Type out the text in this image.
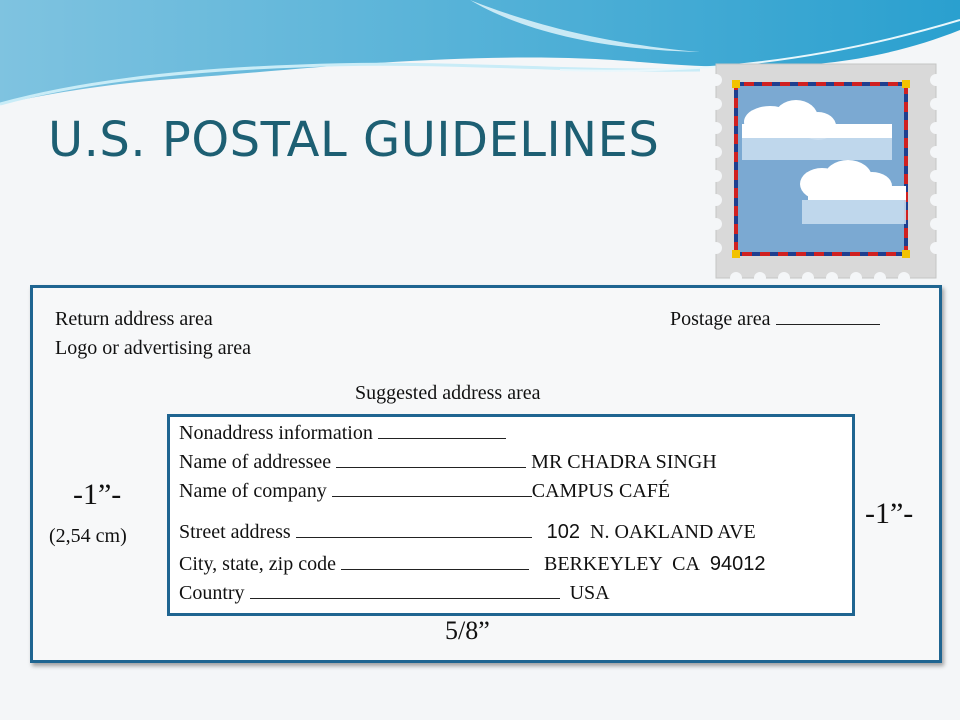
U.S. POSTAL GUIDELINES
Return address area
Logo or advertising area
Postage area
Suggested address area
-1”-
(2,54 cm)
-1”-
5/8”
Nonaddress information
Name of addressee	MR CHADRA SINGH
Name of company	CAMPUS CAFÉ
Street address	102 N. OAKLAND AVE
City, state, zip code	BERKEYLEY  CA 94012
Country	USA
